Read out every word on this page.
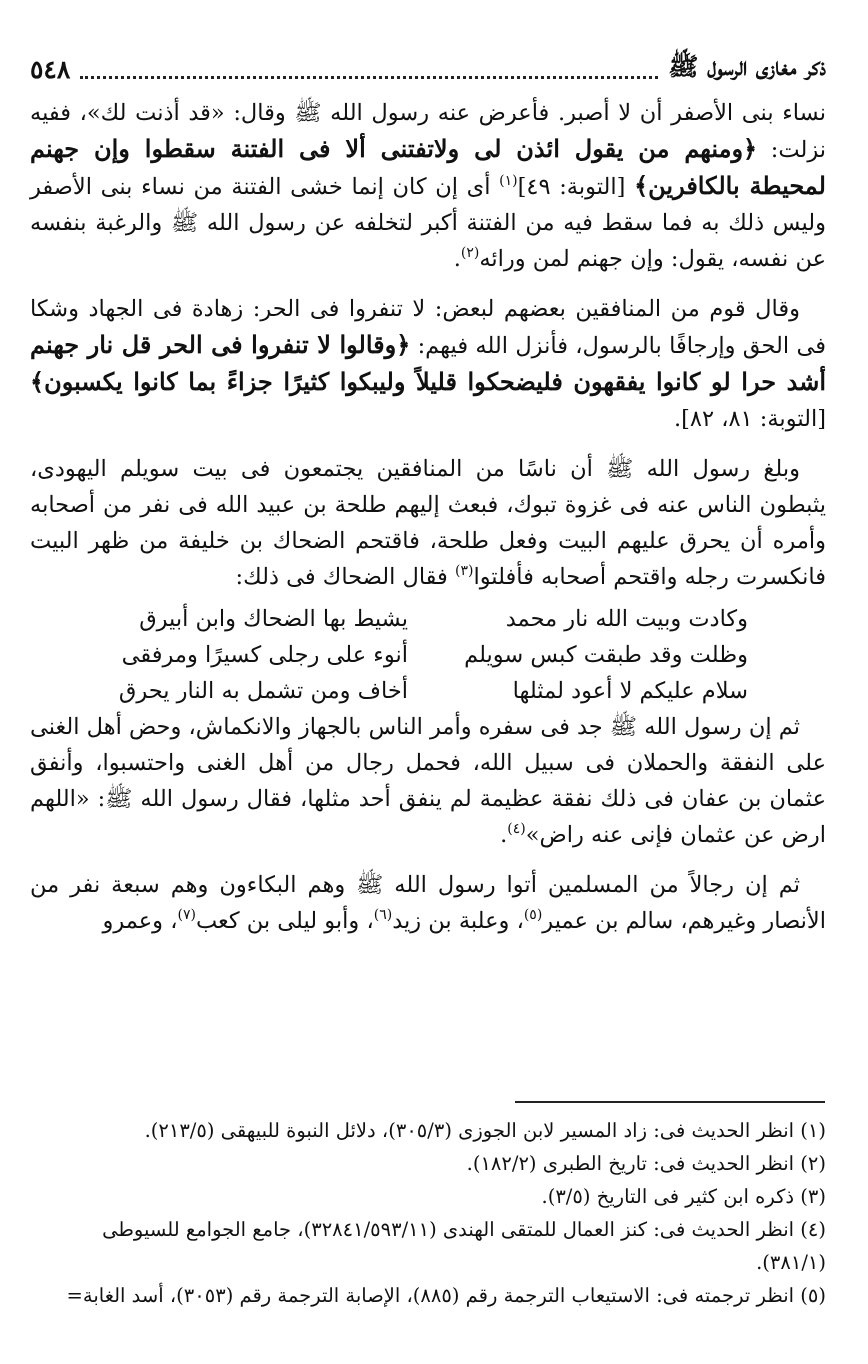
ذكر مغازى الرسول ﷺ
٥٤٨

نساء بنى الأصفر أن لا أصبر. فأعرض عنه رسول الله ﷺ وقال: «قد أذنت لك»، ففيه نزلت: ﴿ومنهم من يقول ائذن لى ولاتفتنى ألا فى الفتنة سقطوا وإن جهنم لمحيطة بالكافرين﴾ [التوبة: ٤٩]$^{(١)}$ أى إن كان إنما خشى الفتنة من نساء بنى الأصفر وليس ذلك به فما سقط فيه من الفتنة أكبر لتخلفه عن رسول الله ﷺ والرغبة بنفسه عن نفسه، يقول: وإن جهنم لمن ورائه$^{(٢)}$.

وقال قوم من المنافقين بعضهم لبعض: لا تنفروا فى الحر: زهادة فى الجهاد وشكا فى الحق وإرجافًا بالرسول، فأنزل الله فيهم: ﴿وقالوا لا تنفروا فى الحر قل نار جهنم أشد حرا لو كانوا يفقهون فليضحكوا قليلاً وليبكوا كثيرًا جزاءً بما كانوا يكسبون﴾ [التوبة: ٨١، ٨٢].

وبلغ رسول الله ﷺ أن ناسًا من المنافقين يجتمعون فى بيت سويلم اليهودى، يثبطون الناس عنه فى غزوة تبوك، فبعث إليهم طلحة بن عبيد الله فى نفر من أصحابه وأمره أن يحرق عليهم البيت وفعل طلحة، فاقتحم الضحاك بن خليفة من ظهر البيت فانكسرت رجله واقتحم أصحابه فأفلتوا$^{(٣)}$ فقال الضحاك فى ذلك:

وكادت وبيت الله نار محمد
يشيط بها الضحاك وابن أبيرق
وظلت وقد طبقت كبس سويلم
أنوء على رجلى كسيرًا ومرفقى
سلام عليكم لا أعود لمثلها
أخاف ومن تشمل به النار يحرق

ثم إن رسول الله ﷺ جد فى سفره وأمر الناس بالجهاز والانكماش، وحض أهل الغنى على النفقة والحملان فى سبيل الله، فحمل رجال من أهل الغنى واحتسبوا، وأنفق عثمان بن عفان فى ذلك نفقة عظيمة لم ينفق أحد مثلها، فقال رسول الله ﷺ: «اللهم ارض عن عثمان فإنى عنه راض»$^{(٤)}$.

ثم إن رجالاً من المسلمين أتوا رسول الله ﷺ وهم البكاءون وهم سبعة نفر من الأنصار وغيرهم، سالم بن عمير$^{(٥)}$، وعلبة بن زيد$^{(٦)}$، وأبو ليلى بن كعب$^{(٧)}$، وعمرو

(١) انظر الحديث فى: زاد المسير لابن الجوزى (٣٠٥/٣)، دلائل النبوة للبيهقى (٢١٣/٥).

(٢) انظر الحديث فى: تاريخ الطبرى (١٨٢/٢).

(٣) ذكره ابن كثير فى التاريخ (٣/٥).

(٤) انظر الحديث فى: كنز العمال للمتقى الهندى (٣٢٨٤١/٥٩٣/١١)، جامع الجوامع للسيوطى

(٣٨١/١).

(٥) انظر ترجمته فى: الاستيعاب الترجمة رقم (٨٨٥)، الإصابة الترجمة رقم (٣٠٥٣)، أسد الغابة=
